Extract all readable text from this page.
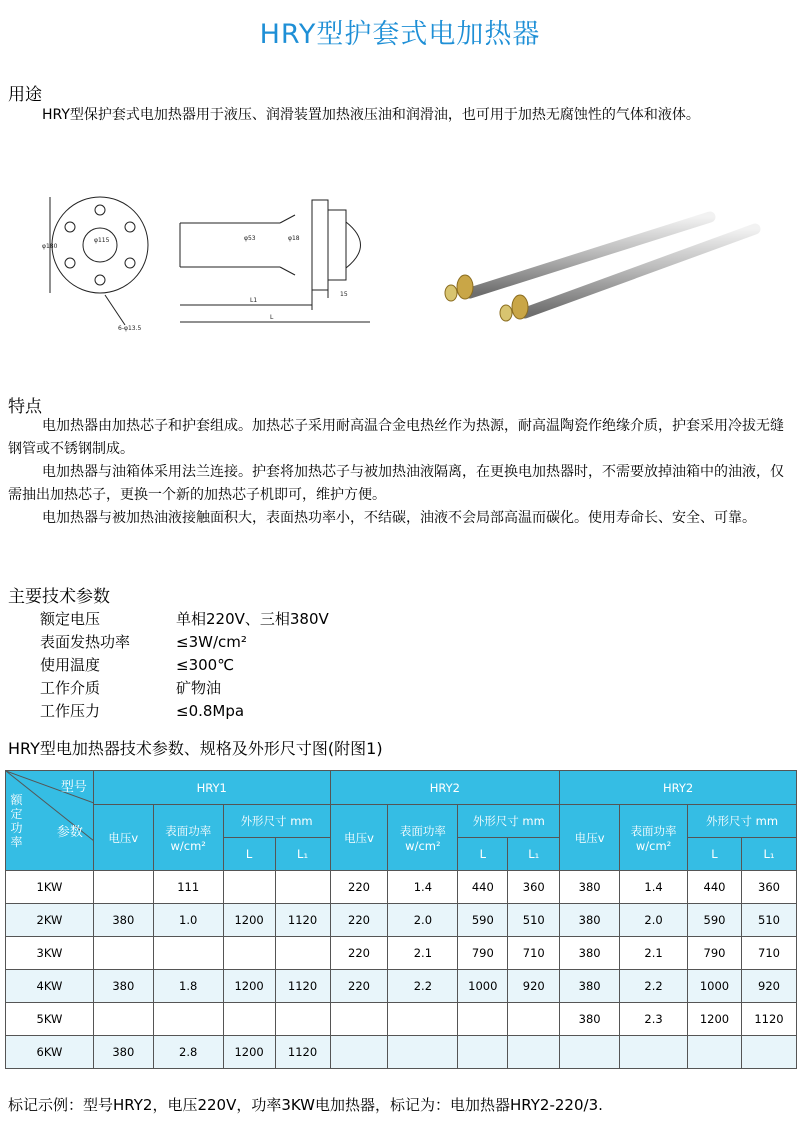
HRY型护套式电加热器
用途
HRY型保护套式电加热器用于液压、润滑装置加热液压油和润滑油，也可用于加热无腐蚀性的气体和液体。
φ180
φ115	φ53	φ18
L1
L
15
6-φ13.5
特点
电加热器由加热芯子和护套组成。加热芯子采用耐高温合金电热丝作为热源，耐高温陶瓷作绝缘介质，护套采用冷拔无缝钢管或不锈钢制成。
电加热器与油箱体采用法兰连接。护套将加热芯子与被加热油液隔离，在更换电加热器时，不需要放掉油箱中的油液，仅需抽出加热芯子，更换一个新的加热芯子机即可，维护方便。
电加热器与被加热油液接触面积大，表面热功率小，不结碳，油液不会局部高温而碳化。使用寿命长、安全、可靠。
主要技术参数
额定电压	单相220V、三相380V
表面发热功率	≤3W/cm²
使用温度	≤300℃
工作介质	矿物油
工作压力	≤0.8Mpa
HRY型电加热器技术参数、规格及外形尺寸图(附图1)
型号
参数
额定功率	HRY1				HRY2				HRY2			
	电压v	表面功率w/cm²	外形尺寸 mm		电压v	表面功率w/cm²	外形尺寸 mm		电压v	表面功率w/cm²	外形尺寸 mm	
			L	L₁			L	L₁			L	L₁
1KW		111			220	1.4	440	360	380	1.4	440	360
2KW	380	1.0	1200	1120	220	2.0	590	510	380	2.0	590	510
3KW					220	2.1	790	710	380	2.1	790	710
4KW	380	1.8	1200	1120	220	2.2	1000	920	380	2.2	1000	920
5KW									380	2.3	1200	1120
6KW	380	2.8	1200	1120								
标记示例：型号HRY2，电压220V，功率3KW电加热器，标记为：电加热器HRY2-220/3.
